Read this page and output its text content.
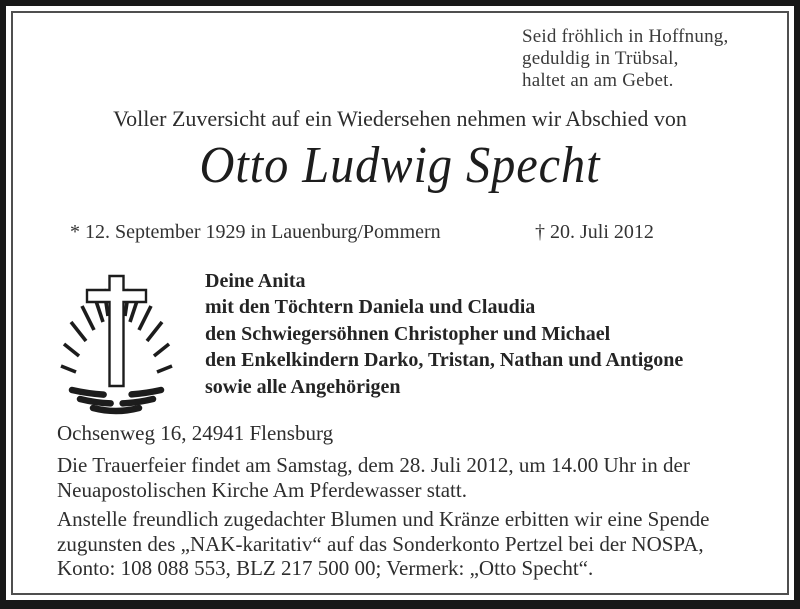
Seid fröhlich in Hoffnung,
geduldig in Trübsal,
haltet an am Gebet.
Voller Zuversicht auf ein Wiedersehen nehmen wir Abschied von
Otto Ludwig Specht
* 12. September 1929 in Lauenburg/Pommern	† 20. Juli 2012
Deine Anita
mit den Töchtern Daniela und Claudia
den Schwiegersöhnen Christopher und Michael
den Enkelkindern Darko, Tristan, Nathan und Antigone
sowie alle Angehörigen
Ochsenweg 16, 24941 Flensburg
Die Trauerfeier findet am Samstag, dem 28. Juli 2012, um 14.00 Uhr in der
Neuapostolischen Kirche Am Pferdewasser statt.
Anstelle freundlich zugedachter Blumen und Kränze erbitten wir eine Spende
zugunsten des „NAK-karitativ“ auf das Sonderkonto Pertzel bei der NOSPA,
Konto: 108 088 553, BLZ 217 500 00; Vermerk: „Otto Specht“.
